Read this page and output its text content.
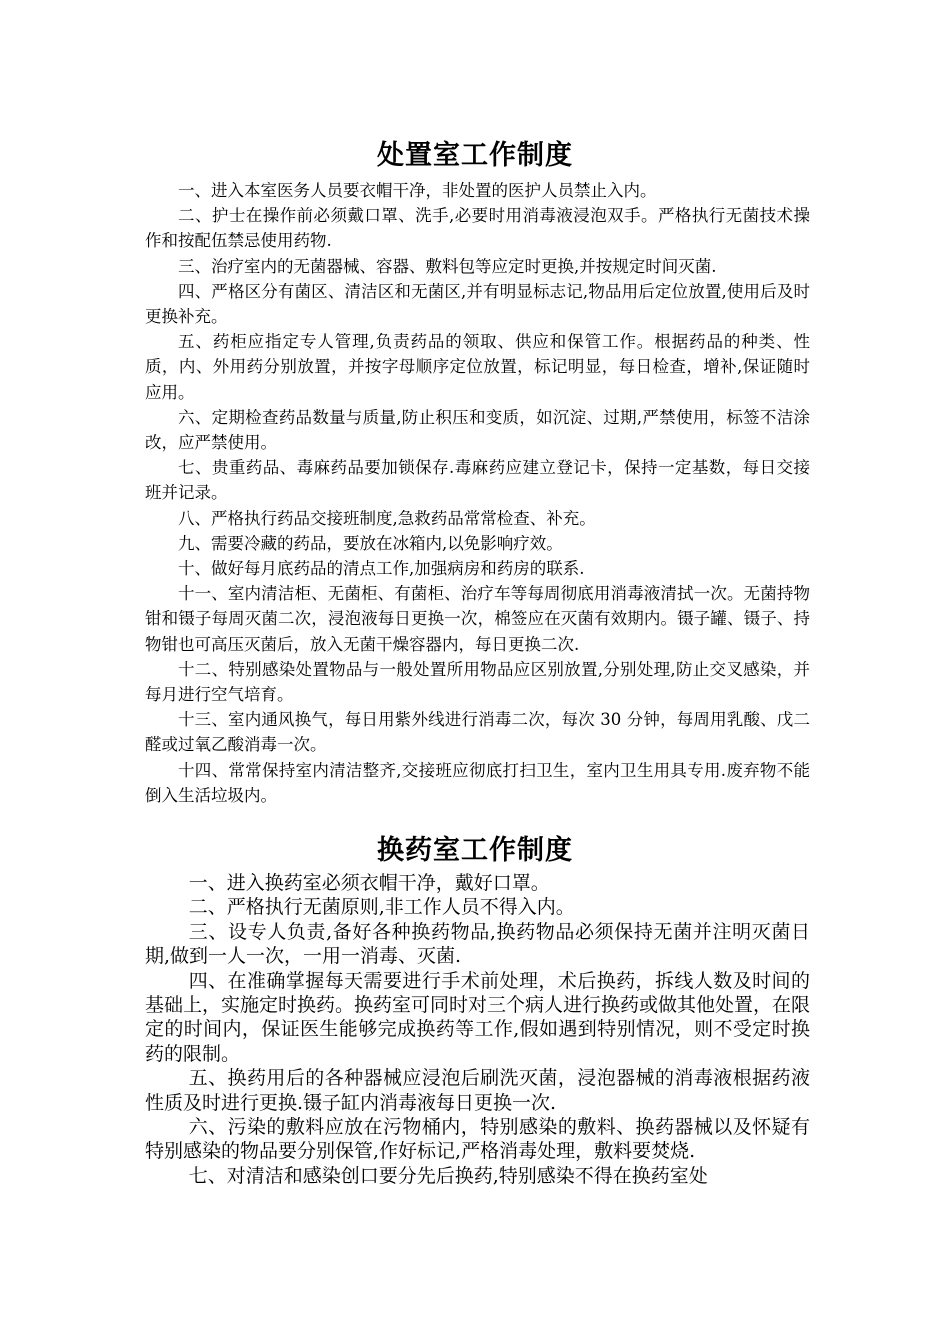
处置室工作制度

一、进入本室医务人员要衣帽干净，非处置的医护人员禁止入内。

二、护士在操作前必须戴口罩、洗手,必要时用消毒液浸泡双手。严格执行无菌技术操作和按配伍禁忌使用药物.

三、治疗室内的无菌器械、容器、敷料包等应定时更换,并按规定时间灭菌.

四、严格区分有菌区、清洁区和无菌区,并有明显标志记,物品用后定位放置,使用后及时更换补充。

五、药柜应指定专人管理,负责药品的领取、供应和保管工作。根据药品的种类、性质，内、外用药分别放置，并按字母顺序定位放置，标记明显，每日检查，增补,保证随时应用。

六、定期检查药品数量与质量,防止积压和变质，如沉淀、过期,严禁使用，标签不洁涂改，应严禁使用。

七、贵重药品、毒麻药品要加锁保存.毒麻药应建立登记卡，保持一定基数，每日交接班并记录。

八、严格执行药品交接班制度,急救药品常常检查、补充。

九、需要冷藏的药品，要放在冰箱内,以免影响疗效。

十、做好每月底药品的清点工作,加强病房和药房的联系.

十一、室内清洁柜、无菌柜、有菌柜、治疗车等每周彻底用消毒液清拭一次。无菌持物钳和镊子每周灭菌二次，浸泡液每日更换一次，棉签应在灭菌有效期内。镊子罐、镊子、持物钳也可高压灭菌后，放入无菌干燥容器内，每日更换二次.

十二、特别感染处置物品与一般处置所用物品应区别放置,分别处理,防止交叉感染，并每月进行空气培育。

十三、室内通风换气，每日用紫外线进行消毒二次，每次 30 分钟，每周用乳酸、戊二醛或过氧乙酸消毒一次。

十四、常常保持室内清洁整齐,交接班应彻底打扫卫生，室内卫生用具专用.废弃物不能倒入生活垃圾内。

换药室工作制度

一、进入换药室必须衣帽干净，戴好口罩。

二、严格执行无菌原则,非工作人员不得入内。

三、设专人负责,备好各种换药物品,换药物品必须保持无菌并注明灭菌日期,做到一人一次，一用一消毒、灭菌.

四、在准确掌握每天需要进行手术前处理，术后换药，拆线人数及时间的基础上，实施定时换药。换药室可同时对三个病人进行换药或做其他处置，在限定的时间内，保证医生能够完成换药等工作,假如遇到特别情况，则不受定时换药的限制。

五、换药用后的各种器械应浸泡后刷洗灭菌，浸泡器械的消毒液根据药液性质及时进行更换.镊子缸内消毒液每日更换一次.

六、污染的敷料应放在污物桶内，特别感染的敷料、换药器械以及怀疑有特别感染的物品要分别保管,作好标记,严格消毒处理，敷料要焚烧.

七、对清洁和感染创口要分先后换药,特别感染不得在换药室处
